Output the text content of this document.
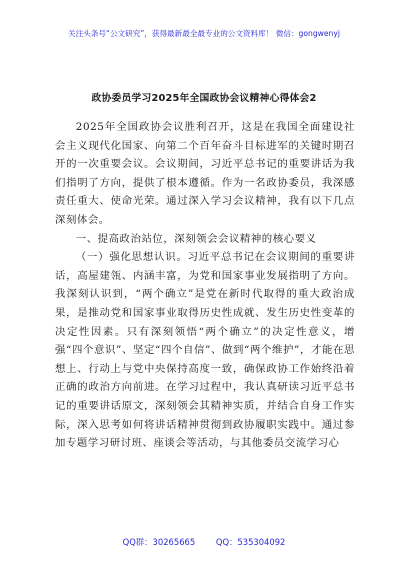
关注头条号“公文研究”，获得最新最全最专业的公文资料库！ 微信：gongwenyj
政协委员学习2025年全国政协会议精神心得体会2

2025年全国政协会议胜利召开，这是在我国全面建设社会主义现代化国家、向第二个百年奋斗目标进军的关键时期召开的一次重要会议。会议期间，习近平总书记的重要讲话为我们指明了方向，提供了根本遵循。作为一名政协委员，我深感责任重大、使命光荣。通过深入学习会议精神，我有以下几点深刻体会。

一、提高政治站位，深刻领会会议精神的核心要义

（一）强化思想认识。习近平总书记在会议期间的重要讲话，高屋建瓴、内涵丰富，为党和国家事业发展指明了方向。我深刻认识到，“两个确立”是党在新时代取得的重大政治成果，是推动党和国家事业取得历史性成就、发生历史性变革的决定性因素。只有深刻领悟“两个确立”的决定性意义，增强“四个意识”、坚定“四个自信”、做到“两个维护”，才能在思想上、行动上与党中央保持高度一致，确保政协工作始终沿着正确的政治方向前进。在学习过程中，我认真研读习近平总书记的重要讲话原文，深刻领会其精神实质，并结合自身工作实际，深入思考如何将讲话精神贯彻到政协履职实践中。通过参加专题学习研讨班、座谈会等活动，与其他委员交流学习心

QQ群：30265665 QQ：535304092
